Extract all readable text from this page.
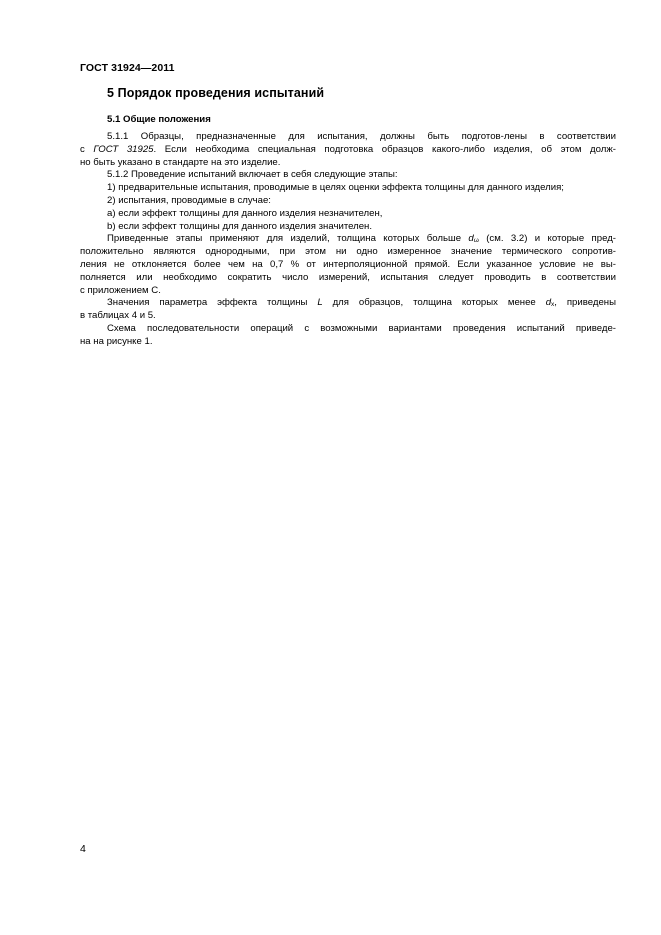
ГОСТ 31924—2011
5 Порядок проведения испытаний
5.1 Общие положения
5.1.1 Образцы, предназначенные для испытания, должны быть подготов-лены в соответствии
с ГОСТ 31925. Если необходима специальная подготовка образцов какого-либо изделия, об этом долж-
но быть указано в стандарте на это изделие.
5.1.2 Проведение испытаний включает в себя следующие этапы:
1) предварительные испытания, проводимые в целях оценки эффекта толщины для данного изделия;
2) испытания, проводимые в случае:
a) если эффект толщины для данного изделия незначителен,
b) если эффект толщины для данного изделия значителен.
Приведенные этапы применяют для изделий, толщина которых больше $d_\omega$ (см. 3.2) и которые пред-
положительно являются однородными, при этом ни одно измеренное значение термического сопротив-
ления не отклоняется более чем на 0,7 % от интерполяционной прямой. Если указанное условие не вы-
полняется или необходимо сократить число измерений, испытания следует проводить в соответствии
с приложением С.
Значения параметра эффекта толщины L для образцов, толщина которых менее $d_x$, приведены
в таблицах 4 и 5.
Схема последовательности операций с возможными вариантами проведения испытаний приведе-
на на рисунке 1.
4
